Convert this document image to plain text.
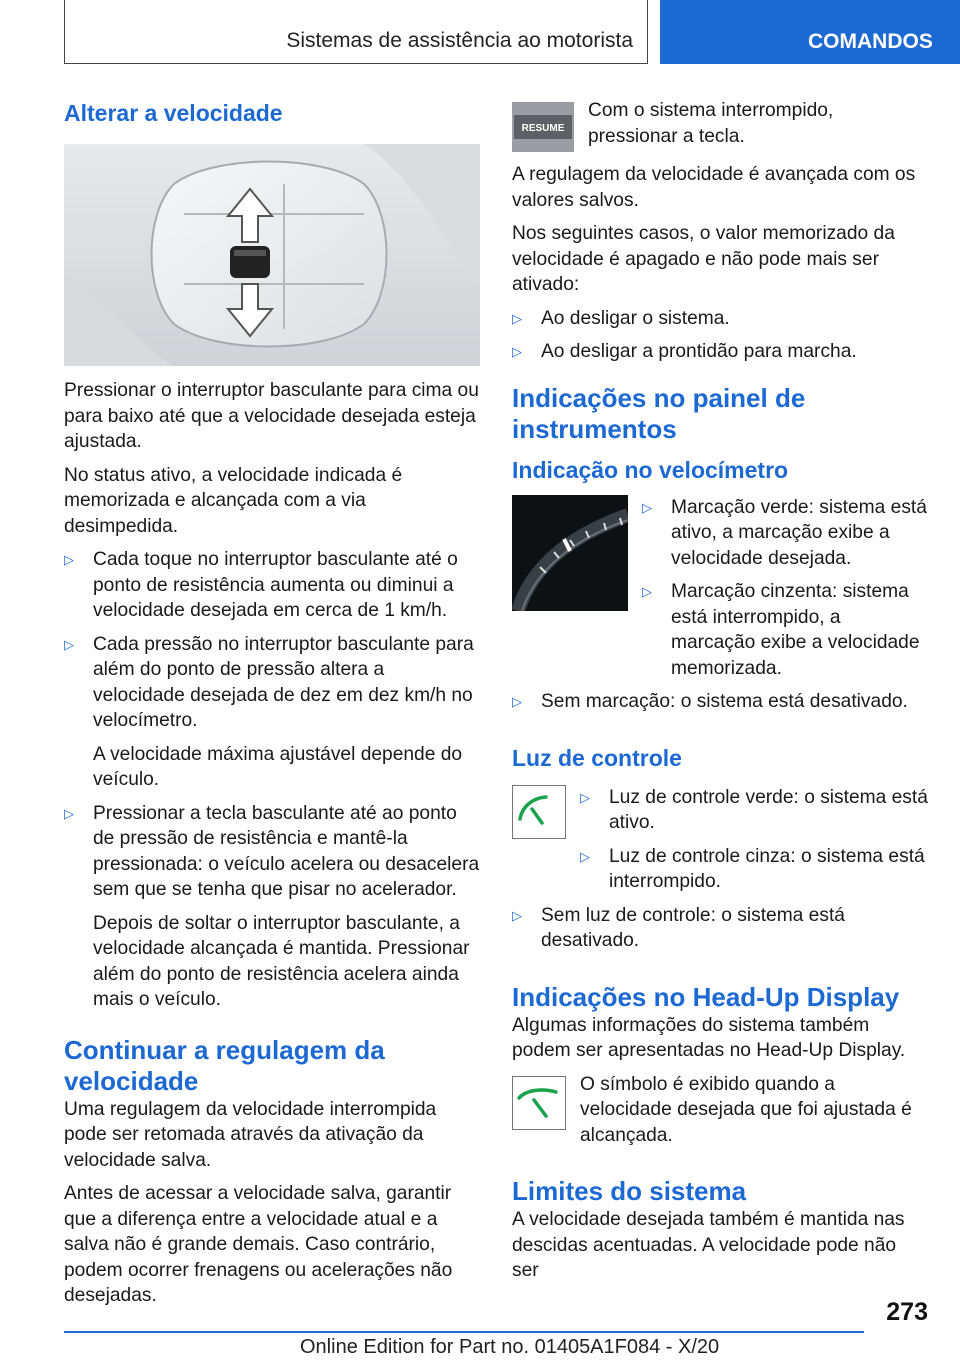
Sistemas de assistência ao motorista	COMANDOS
Alterar a velocidade

Pressionar o interruptor basculante para cima ou para baixo até que a velocidade desejada esteja ajustada.

No status ativo, a velocidade indicada é memorizada e alcançada com a via desimpedida.

▷ Cada toque no interruptor basculante até o ponto de resistência aumenta ou diminui a velocidade desejada em cerca de 1 km/h.

▷ Cada pressão no interruptor basculante para além do ponto de pressão altera a velocidade desejada de dez em dez km/h no velocímetro.

A velocidade máxima ajustável depende do veículo.

▷ Pressionar a tecla basculante até ao ponto de pressão de resistência e mantê-la pressionada: o veículo acelera ou desacelera sem que se tenha que pisar no acelerador.

Depois de soltar o interruptor basculante, a velocidade alcançada é mantida. Pressionar além do ponto de resistência acelera ainda mais o veículo.

Continuar a regulagem da velocidade

Uma regulagem da velocidade interrompida pode ser retomada através da ativação da velocidade salva.

Antes de acessar a velocidade salva, garantir que a diferença entre a velocidade atual e a salva não é grande demais. Caso contrário, podem ocorrer frenagens ou acelerações não desejadas.

RESUME

Com o sistema interrompido, pressionar a tecla.

A regulagem da velocidade é avançada com os valores salvos.

Nos seguintes casos, o valor memorizado da velocidade é apagado e não pode mais ser ativado:

▷ Ao desligar o sistema.

▷ Ao desligar a prontidão para marcha.

Indicações no painel de instrumentos
Indicação no velocímetro
▷ Marcação verde: sistema está ativo, a marcação exibe a velocidade desejada.

▷ Marcação cinzenta: sistema está interrompido, a marcação exibe a velocidade memorizada.

▷ Sem marcação: o sistema está desativado.

Luz de controle
▷ Luz de controle verde: o sistema está ativo.

▷ Luz de controle cinza: o sistema está interrompido.

▷ Sem luz de controle: o sistema está desativado.

Indicações no Head-Up Display

Algumas informações do sistema também podem ser apresentadas no Head-Up Display.

O símbolo é exibido quando a velocidade desejada que foi ajustada é alcançada.

Limites do sistema

A velocidade desejada também é mantida nas descidas acentuadas. A velocidade pode não ser

273
Online Edition for Part no. 01405A1F084 - X/20
